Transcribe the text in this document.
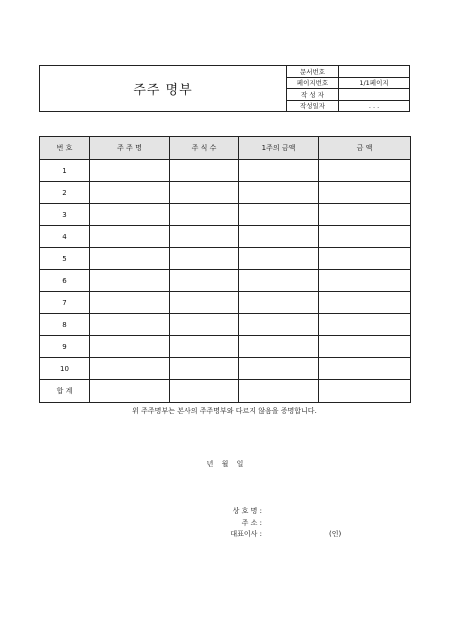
주주 명부
문서번호
페이지번호	1/1페이지
작 성 자
작성일자	. . .
번 호	주 주 명	주 식 수	1주의 금액	금 액
1				
2				
3				
4				
5				
6				
7				
8				
9				
10				
합 계				
위 주주명부는 본사의 주주명부와 다르지 않음을 증명합니다.
년 월 일
상 호 명 :
주 소 :
대표이사 :	(인)
